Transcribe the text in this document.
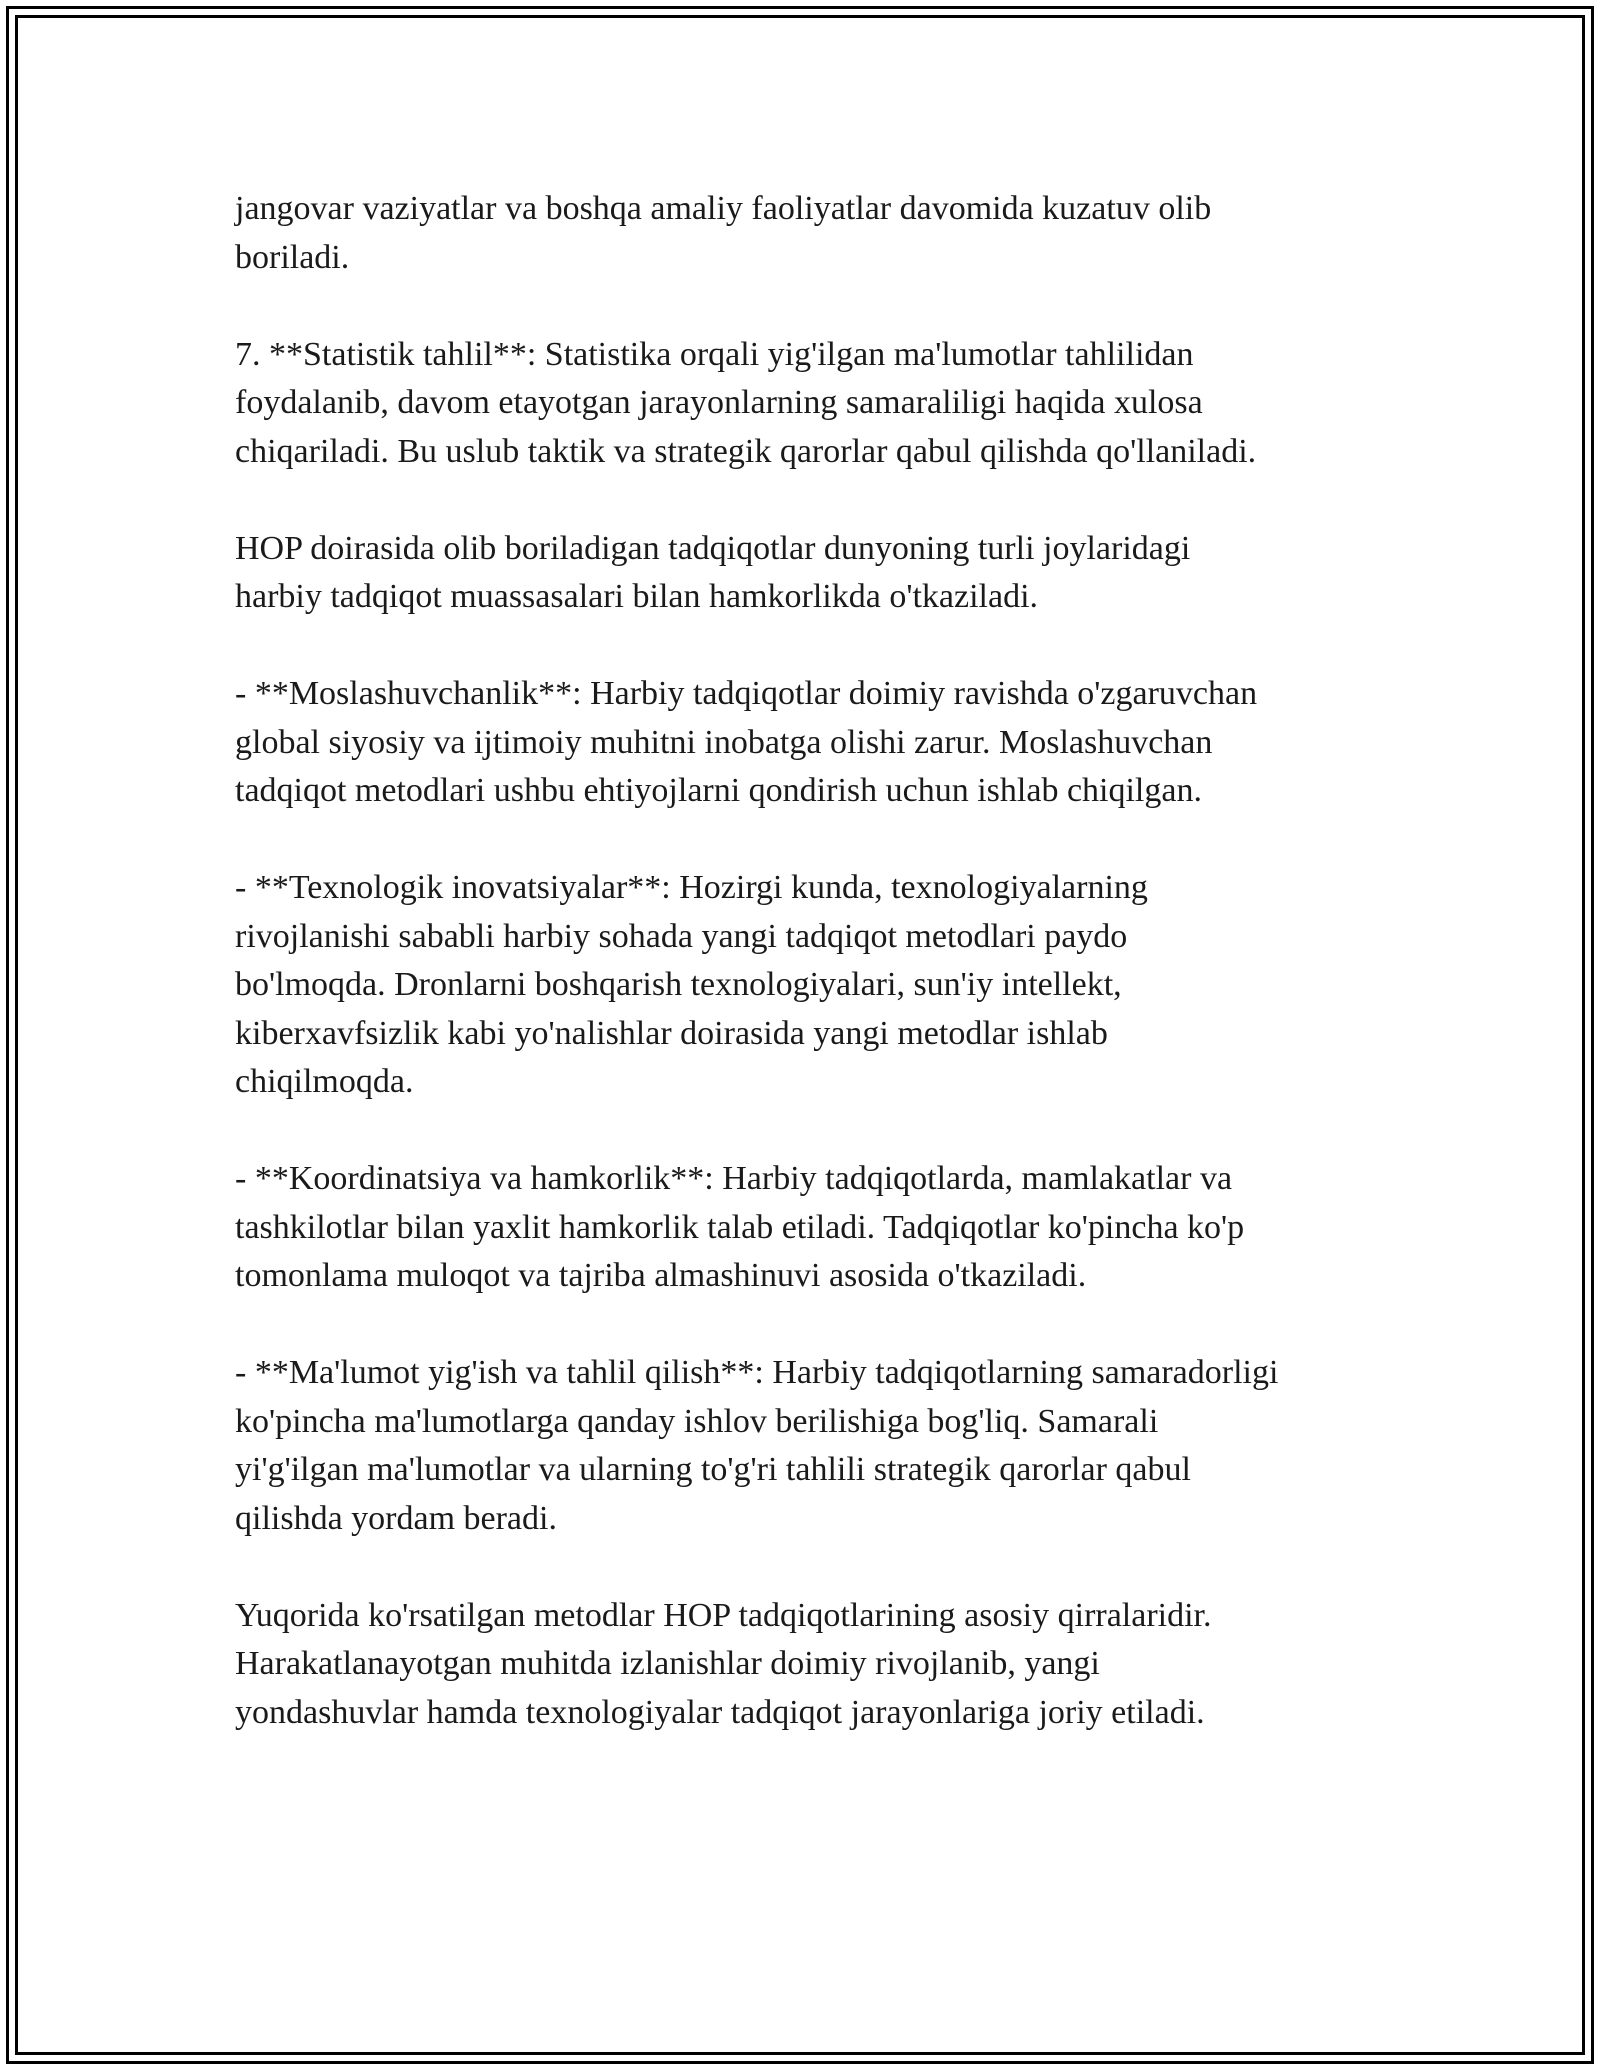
jangovar vaziyatlar va boshqa amaliy faoliyatlar davomida kuzatuv olib
boriladi.

7. **Statistik tahlil**: Statistika orqali yig'ilgan ma'lumotlar tahlilidan
foydalanib, davom etayotgan jarayonlarning samaraliligi haqida xulosa
chiqariladi. Bu uslub taktik va strategik qarorlar qabul qilishda qo'llaniladi.

HOP doirasida olib boriladigan tadqiqotlar dunyoning turli joylaridagi
harbiy tadqiqot muassasalari bilan hamkorlikda o'tkaziladi.

- **Moslashuvchanlik**: Harbiy tadqiqotlar doimiy ravishda o'zgaruvchan
global siyosiy va ijtimoiy muhitni inobatga olishi zarur. Moslashuvchan
tadqiqot metodlari ushbu ehtiyojlarni qondirish uchun ishlab chiqilgan.

- **Texnologik inovatsiyalar**: Hozirgi kunda, texnologiyalarning
rivojlanishi sababli harbiy sohada yangi tadqiqot metodlari paydo
bo'lmoqda. Dronlarni boshqarish texnologiyalari, sun'iy intellekt,
kiberxavfsizlik kabi yo'nalishlar doirasida yangi metodlar ishlab
chiqilmoqda.

- **Koordinatsiya va hamkorlik**: Harbiy tadqiqotlarda, mamlakatlar va
tashkilotlar bilan yaxlit hamkorlik talab etiladi. Tadqiqotlar ko'pincha ko'p
tomonlama muloqot va tajriba almashinuvi asosida o'tkaziladi.

- **Ma'lumot yig'ish va tahlil qilish**: Harbiy tadqiqotlarning samaradorligi
ko'pincha ma'lumotlarga qanday ishlov berilishiga bog'liq. Samarali
yi'g'ilgan ma'lumotlar va ularning to'g'ri tahlili strategik qarorlar qabul
qilishda yordam beradi.

Yuqorida ko'rsatilgan metodlar HOP tadqiqotlarining asosiy qirralaridir.
Harakatlanayotgan muhitda izlanishlar doimiy rivojlanib, yangi
yondashuvlar hamda texnologiyalar tadqiqot jarayonlariga joriy etiladi.
